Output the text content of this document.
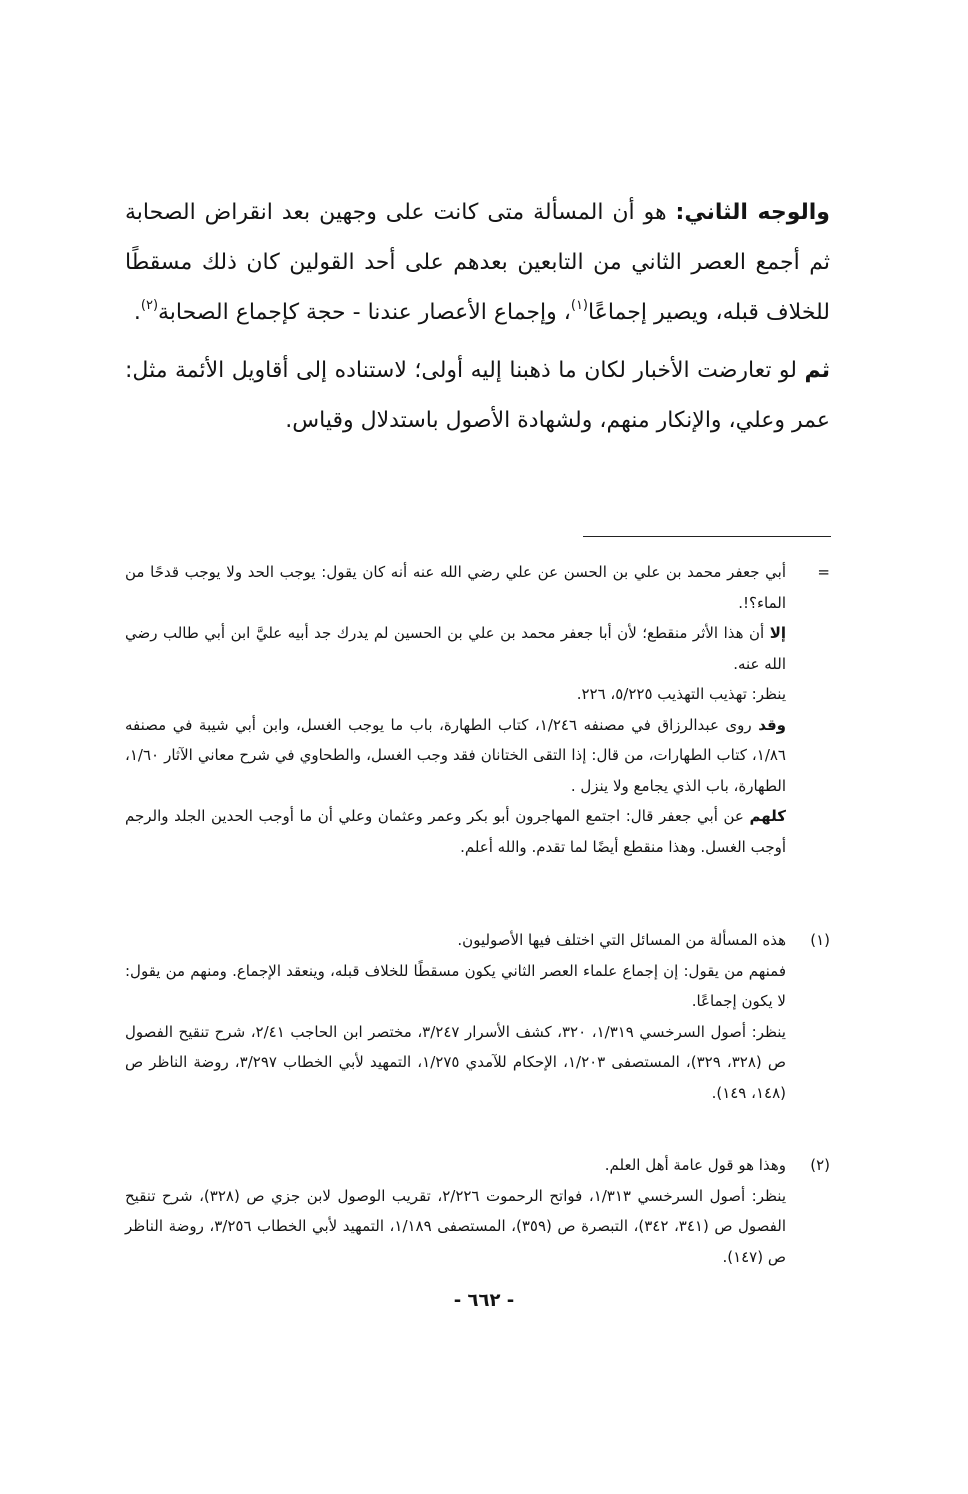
والوجه الثاني: هو أن المسألة متى كانت على وجهين بعد انقراض الصحابة ثم أجمع العصر الثاني من التابعين بعدهم على أحد القولين كان ذلك مسقطًا للخلاف قبله، ويصير إجماعًا$^{(١)}$، وإجماع الأعصار عندنا - حجة كإجماع الصحابة$^{(٢)}$.

ثم لو تعارضت الأخبار لكان ما ذهبنا إليه أولى؛ لاستناده إلى أقاويل الأئمة مثل: عمر وعلي، والإنكار منهم، ولشهادة الأصول باستدلال وقياس.

=

أبي جعفر محمد بن علي بن الحسن عن علي رضي الله عنه أنه كان يقول: يوجب الحد ولا يوجب قدحًا من الماء؟!.

إلا أن هذا الأثر منقطع؛ لأن أبا جعفر محمد بن علي بن الحسين لم يدرك جد أبيه عليَّ ابن أبي طالب رضي الله عنه.

ينظر: تهذيب التهذيب ٥/٢٢٥، ٢٢٦.

وقد روى عبدالرزاق في مصنفه ١/٢٤٦، كتاب الطهارة، باب ما يوجب الغسل، وابن أبي شيبة في مصنفه ١/٨٦، كتاب الطهارات، من قال: إذا التقى الختانان فقد وجب الغسل، والطحاوي في شرح معاني الآثار ١/٦٠، الطهارة، باب الذي يجامع ولا ينزل .

كلهم عن أبي جعفر قال: اجتمع المهاجرون أبو بكر وعمر وعثمان وعلي أن ما أوجب الحدين الجلد والرجم أوجب الغسل. وهذا منقطع أيضًا لما تقدم. والله أعلم.

(١)

هذه المسألة من المسائل التي اختلف فيها الأصوليون.

فمنهم من يقول: إن إجماع علماء العصر الثاني يكون مسقطًا للخلاف قبله، وينعقد الإجماع. ومنهم من يقول: لا يكون إجماعًا.

ينظر: أصول السرخسي ١/٣١٩، ٣٢٠، كشف الأسرار ٣/٢٤٧، مختصر ابن الحاجب ٢/٤١، شرح تنقيح الفصول ص (٣٢٨، ٣٢٩)، المستصفى ١/٢٠٣، الإحكام للآمدي ١/٢٧٥، التمهيد لأبي الخطاب ٣/٢٩٧، روضة الناظر ص (١٤٨، ١٤٩).

(٢)

وهذا هو قول عامة أهل العلم.

ينظر: أصول السرخسي ١/٣١٣، فواتح الرحموت ٢/٢٢٦، تقريب الوصول لابن جزي ص (٣٢٨)، شرح تنقيح الفصول ص (٣٤١، ٣٤٢)، التبصرة ص (٣٥٩)، المستصفى ١/١٨٩، التمهيد لأبي الخطاب ٣/٢٥٦، روضة الناظر ص (١٤٧).

- ٦٦٢ -
